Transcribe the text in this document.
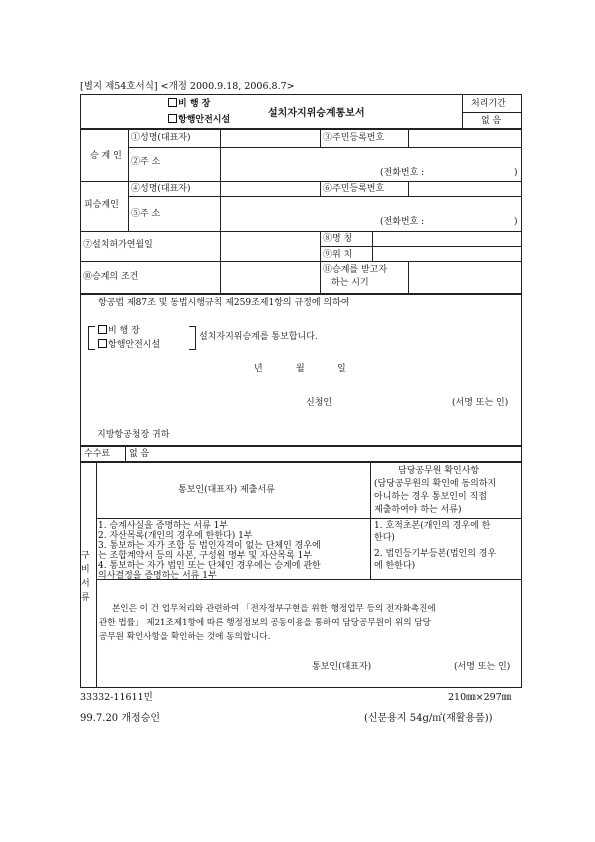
[별지 제54호서식] <개정 2000.9.18, 2006.8.7>
비 행 장
항행안전시설
설치자지위승계통보서
처리기간
없 음
승 계 인
①성명(대표자)	③주민등록번호
②주 소
(전화번호 :	)
피승계인
④성명(대표자)	⑥주민등록번호
⑤주 소
(전화번호 :	)
⑦설치허가연월일
⑧명 칭
⑨위 치
⑩승계의 조건
⑪승계를 받고자
하는 시기
항공법 제87조 및 동법시행규칙 제259조제1항의 규정에 의하여
비 행 장
항행안전시설
설치자지위승계를 통보합니다.
년	월	일
신청인	(서명 또는 인)
지방항공청장 귀하
수수료 없 음
구
비
서
류
통보인(대표자) 제출서류
담당공무원 확인사항
(담당공무원의 확인에 동의하지
아니하는 경우 통보인이 직접
제출하여야 하는 서류)
1. 승계사실을 증명하는 서류 1부
2. 자산목록(개인의 경우에 한한다) 1부
3. 통보하는 자가 조합 등 법인자격이 없는 단체인 경우에
는 조합계약서 등의 사본, 구성원 명부 및 자산목록 1부
4. 통보하는 자가 법인 또는 단체인 경우에는 승계에 관한
의사결정을 증명하는 서류 1부
1. 호적초본(개인의 경우에 한
한다)
2. 법인등기부등본(법인의 경우
에 한한다)
본인은 이 건 업무처리와 관련하여 「전자정부구현을 위한 행정업무 등의 전자화촉진에
관한 법률」 제21조제1항에 따른 행정정보의 공동이용을 통하여 담당공무원이 위의 담당
공무원 확인사항을 확인하는 것에 동의합니다.
통보인(대표자)	(서명 또는 인)
33332-11611민	210㎜×297㎜
99.7.20 개정승인	(신문용지 54g/㎡(재활용품))
